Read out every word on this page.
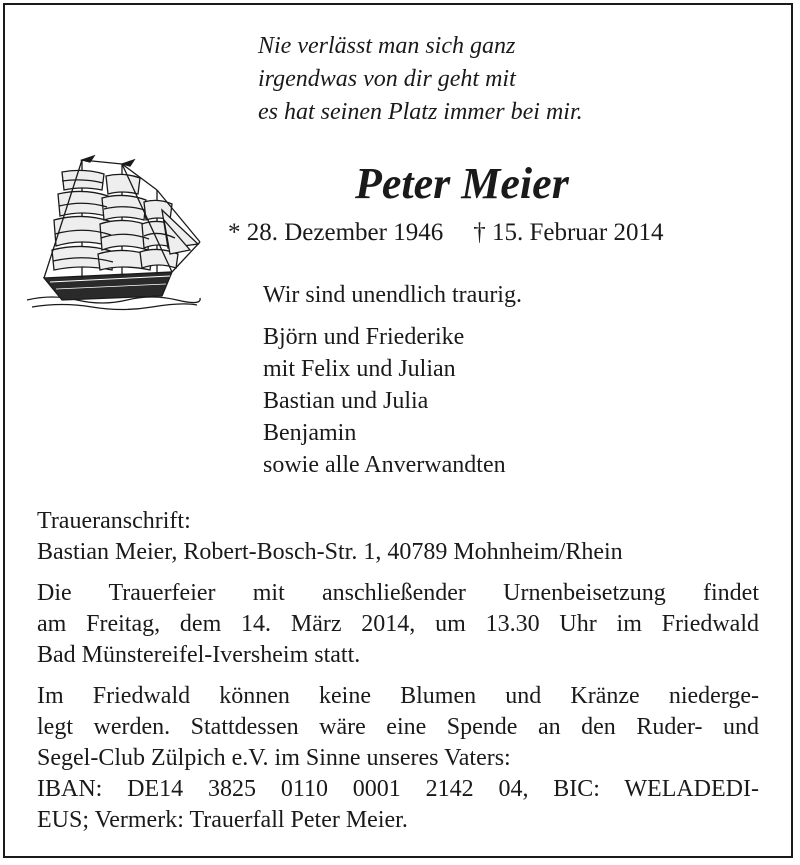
Nie verlässt man sich ganz
irgendwas von dir geht mit
es hat seinen Platz immer bei mir.
Peter Meier
* 28. Dezember 1946 † 15. Februar 2014
Wir sind unendlich traurig.
Björn und Friederike
mit Felix und Julian
Bastian und Julia
Benjamin
sowie alle Anverwandten

Traueranschrift:
Bastian Meier, Robert-Bosch-Str. 1, 40789 Mohnheim/Rhein

Die Trauerfeier mit anschließender Urnenbeisetzung findet
am Freitag, dem 14. März 2014, um 13.30 Uhr im Friedwald
Bad Münstereifel-Iversheim statt.

Im Friedwald können keine Blumen und Kränze niederge-
legt werden. Stattdessen wäre eine Spende an den Ruder- und
Segel-Club Zülpich e.V. im Sinne unseres Vaters:
IBAN: DE14 3825 0110 0001 2142 04, BIC: WELADEDI-
EUS; Vermerk: Trauerfall Peter Meier.
